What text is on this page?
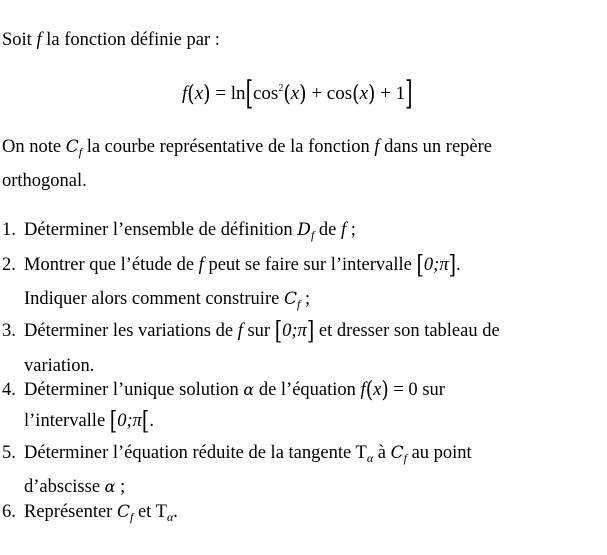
Soit f la fonction définie par :
$f(x) = \ln[\cos^2(x) + \cos(x) + 1]$
On note $C_f$ la courbe représentative de la fonction f dans un repère
orthogonal.
1. Déterminer l’ensemble de définition $D_f$ de f ;
2. Montrer que l’étude de f peut se faire sur l’intervalle [0;π].
Indiquer alors comment construire $C_f$ ;
3. Déterminer les variations de f sur [0;π] et dresser son tableau de
variation.
4. Déterminer l’unique solution α de l’équation f(x) = 0 sur
l’intervalle [0;π[.
5. Déterminer l’équation réduite de la tangente $T_\alpha$ à $C_f$ au point
d’abscisse α ;
6. Représenter $C_f$ et $T_\alpha$.
